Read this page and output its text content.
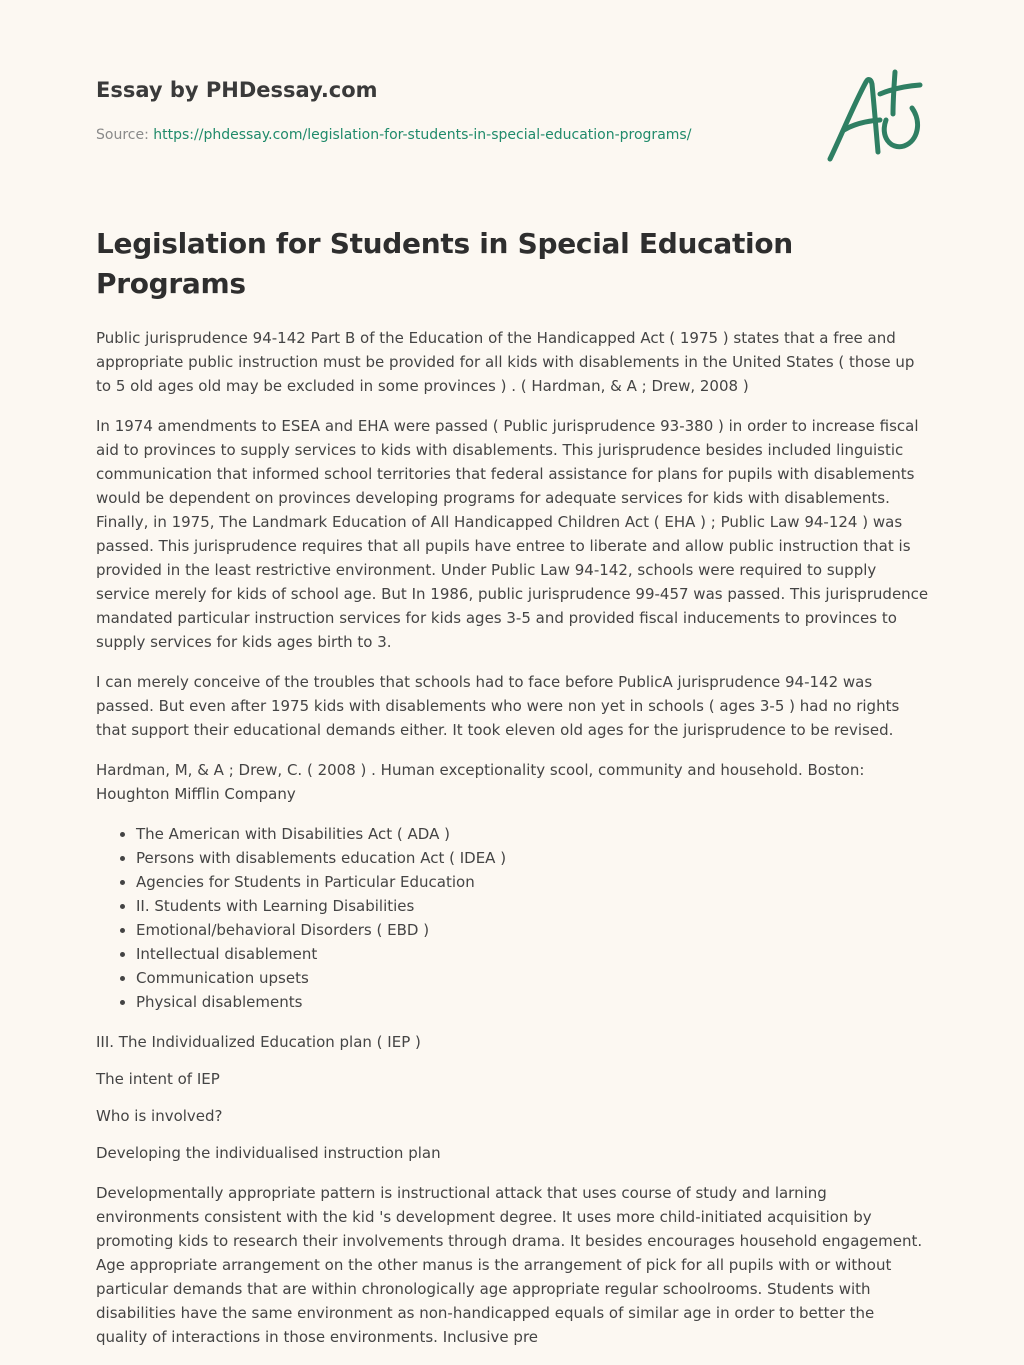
Essay by PHDessay.com
Source: https://phdessay.com/legislation-for-students-in-special-education-programs/
Legislation for Students in Special Education Programs

Public jurisprudence 94-142 Part B of the Education of the Handicapped Act ( 1975 ) states that a free and appropriate public instruction must be provided for all kids with disablements in the United States ( those up to 5 old ages old may be excluded in some provinces ) . ( Hardman, & A ; Drew, 2008 )

In 1974 amendments to ESEA and EHA were passed ( Public jurisprudence 93-380 ) in order to increase fiscal aid to provinces to supply services to kids with disablements. This jurisprudence besides included linguistic communication that informed school territories that federal assistance for plans for pupils with disablements would be dependent on provinces developing programs for adequate services for kids with disablements. Finally, in 1975, The Landmark Education of All Handicapped Children Act ( EHA ) ; Public Law 94-124 ) was passed. This jurisprudence requires that all pupils have entree to liberate and allow public instruction that is provided in the least restrictive environment. Under Public Law 94-142, schools were required to supply service merely for kids of school age. But In 1986, public jurisprudence 99-457 was passed. This jurisprudence mandated particular instruction services for kids ages 3-5 and provided fiscal inducements to provinces to supply services for kids ages birth to 3.

I can merely conceive of the troubles that schools had to face before PublicA jurisprudence 94-142 was passed. But even after 1975 kids with disablements who were non yet in schools ( ages 3-5 ) had no rights that support their educational demands either. It took eleven old ages for the jurisprudence to be revised.

Hardman, M, & A ; Drew, C. ( 2008 ) . Human exceptionality scool, community and household. Boston: Houghton Mifflin Company

• The American with Disabilities Act ( ADA )
• Persons with disablements education Act ( IDEA )
• Agencies for Students in Particular Education
• II. Students with Learning Disabilities
• Emotional/behavioral Disorders ( EBD )
• Intellectual disablement
• Communication upsets
• Physical disablements

III. The Individualized Education plan ( IEP )

The intent of IEP

Who is involved?

Developing the individualised instruction plan

Developmentally appropriate pattern is instructional attack that uses course of study and larning environments consistent with the kid 's development degree. It uses more child-initiated acquisition by promoting kids to research their involvements through drama. It besides encourages household engagement. Age appropriate arrangement on the other manus is the arrangement of pick for all pupils with or without particular demands that are within chronologically age appropriate regular schoolrooms. Students with disabilities have the same environment as non-handicapped equals of similar age in order to better the quality of interactions in those environments. Inclusive pre
